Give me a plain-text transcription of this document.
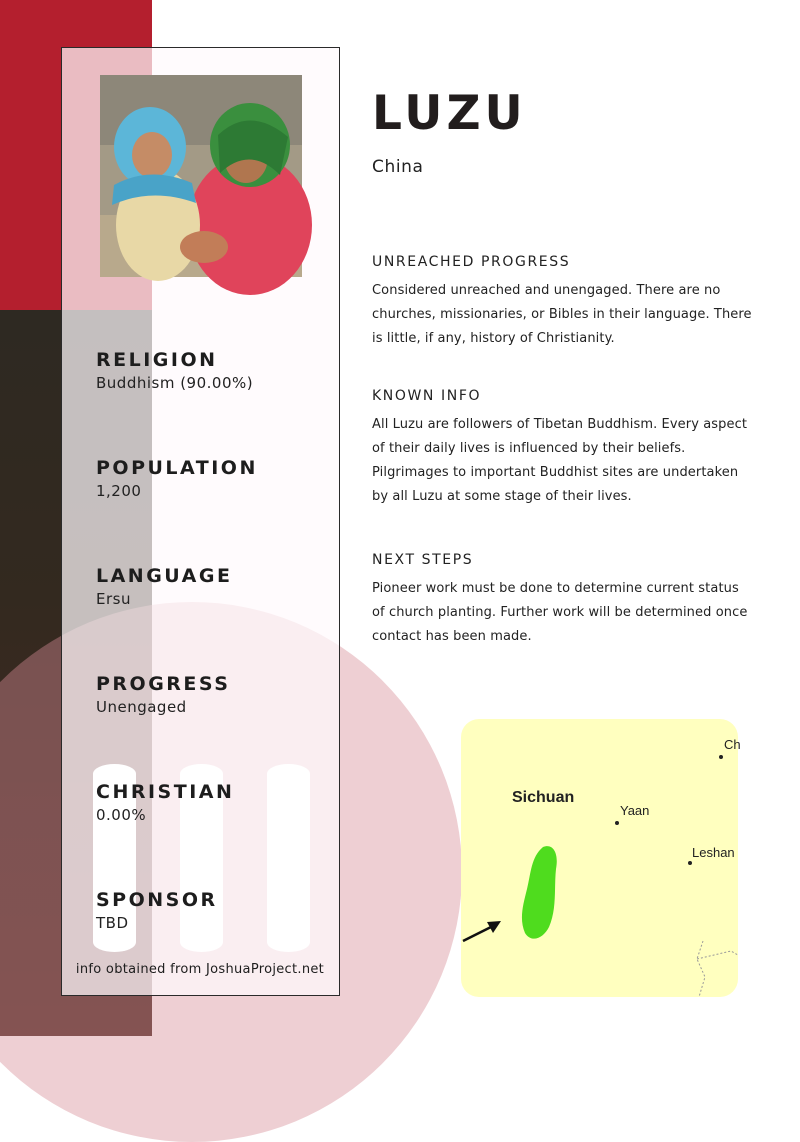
RELIGION
Buddhism (90.00%)
POPULATION
1,200
LANGUAGE
Ersu
PROGRESS
Unengaged
CHRISTIAN
0.00%
SPONSOR
TBD
info obtained from JoshuaProject.net
LUZU
China
UNREACHED PROGRESS
Considered unreached and unengaged. There are no churches, missionaries, or Bibles in their language. There is little, if any, history of Christianity.
KNOWN INFO
All Luzu are followers of Tibetan Buddhism. Every aspect of their daily lives is influenced by their beliefs. Pilgrimages to important Buddhist sites are undertaken by all Luzu at some stage of their lives.
NEXT STEPS
Pioneer work must be done to determine current status of church planting. Further work will be determined once contact has been made.
Sichuan
Yaan
Leshan
Ch
